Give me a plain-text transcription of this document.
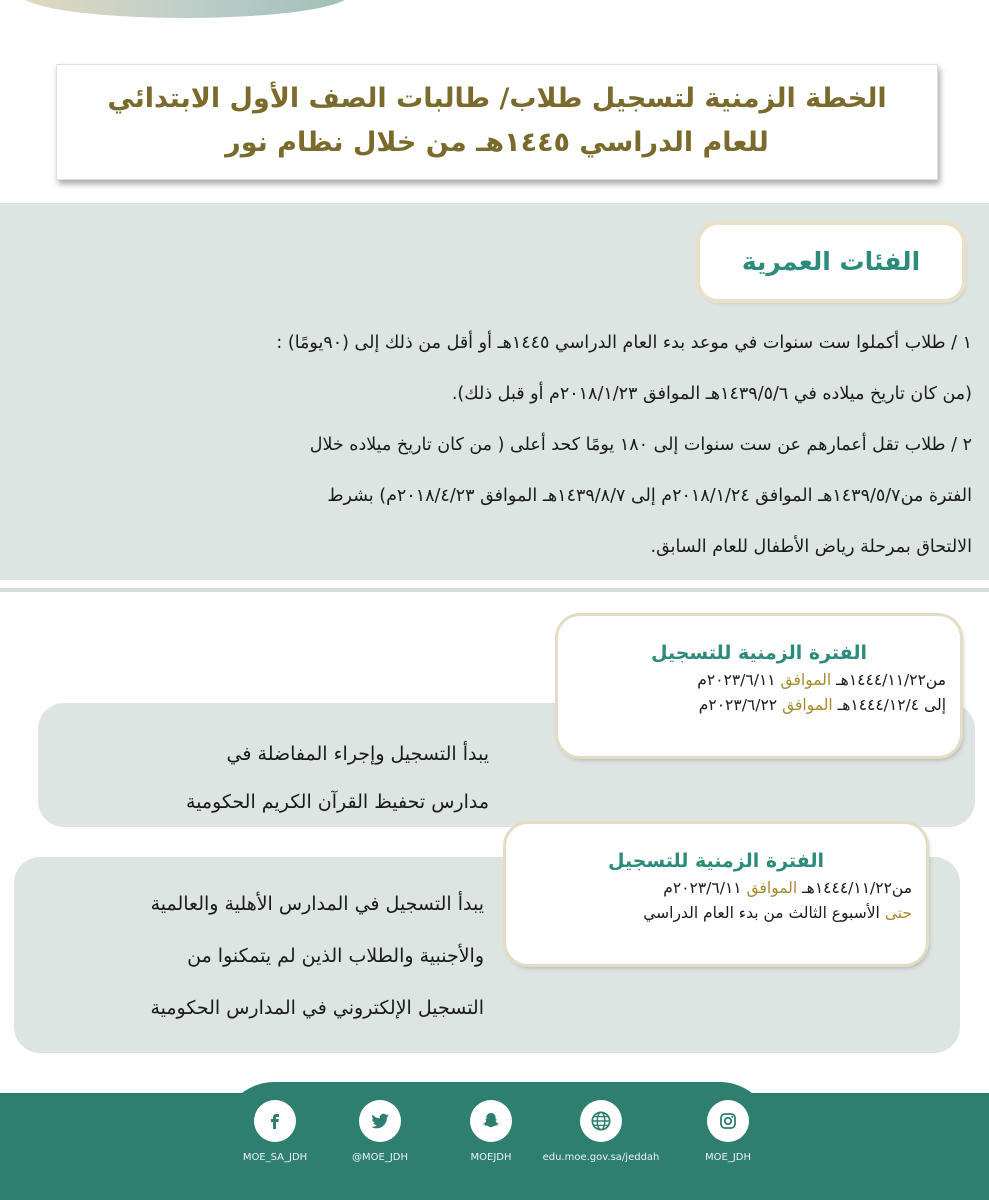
الخطة الزمنية لتسجيل طلاب/ طالبات الصف الأول الابتدائي
للعام الدراسي ١٤٤٥هـ من خلال نظام نور
الفئات العمرية

١ / طلاب أكملوا ست سنوات في موعد بدء العام الدراسي ١٤٤٥هـ أو أقل من ذلك إلى (٩٠يومًا) :

(من كان تاريخ ميلاده في ١٤٣٩/٥/٦هـ الموافق ٢٠١٨/١/٢٣م أو قبل ذلك).

٢ / طلاب تقل أعمارهم عن ست سنوات إلى ١٨٠ يومًا كحد أعلى ( من كان تاريخ ميلاده خلال

الفترة من١٤٣٩/٥/٧هـ الموافق ٢٠١٨/١/٢٤م إلى ١٤٣٩/٨/٧هـ الموافق ٢٠١٨/٤/٢٣م) بشرط

الالتحاق بمرحلة رياض الأطفال للعام السابق.

يبدأ التسجيل وإجراء المفاضلة في
مدارس تحفيظ القرآن الكريم الحكومية
الفترة الزمنية للتسجيل
من١٤٤٤/١١/٢٢هـ الموافق ٢٠٢٣/٦/١١م
إلى ١٤٤٤/١٢/٤هـ الموافق ٢٠٢٣/٦/٢٢م
يبدأ التسجيل في المدارس الأهلية والعالمية
والأجنبية والطلاب الذين لم يتمكنوا من
التسجيل الإلكتروني في المدارس الحكومية
الفترة الزمنية للتسجيل
من١٤٤٤/١١/٢٢هـ الموافق ٢٠٢٣/٦/١١م
حتى الأسبوع الثالث من بدء العام الدراسي
MOE_SA_JDH	@MOE_JDH	MOEJDH	edu.moe.gov.sa/jeddah	MOE_JDH
